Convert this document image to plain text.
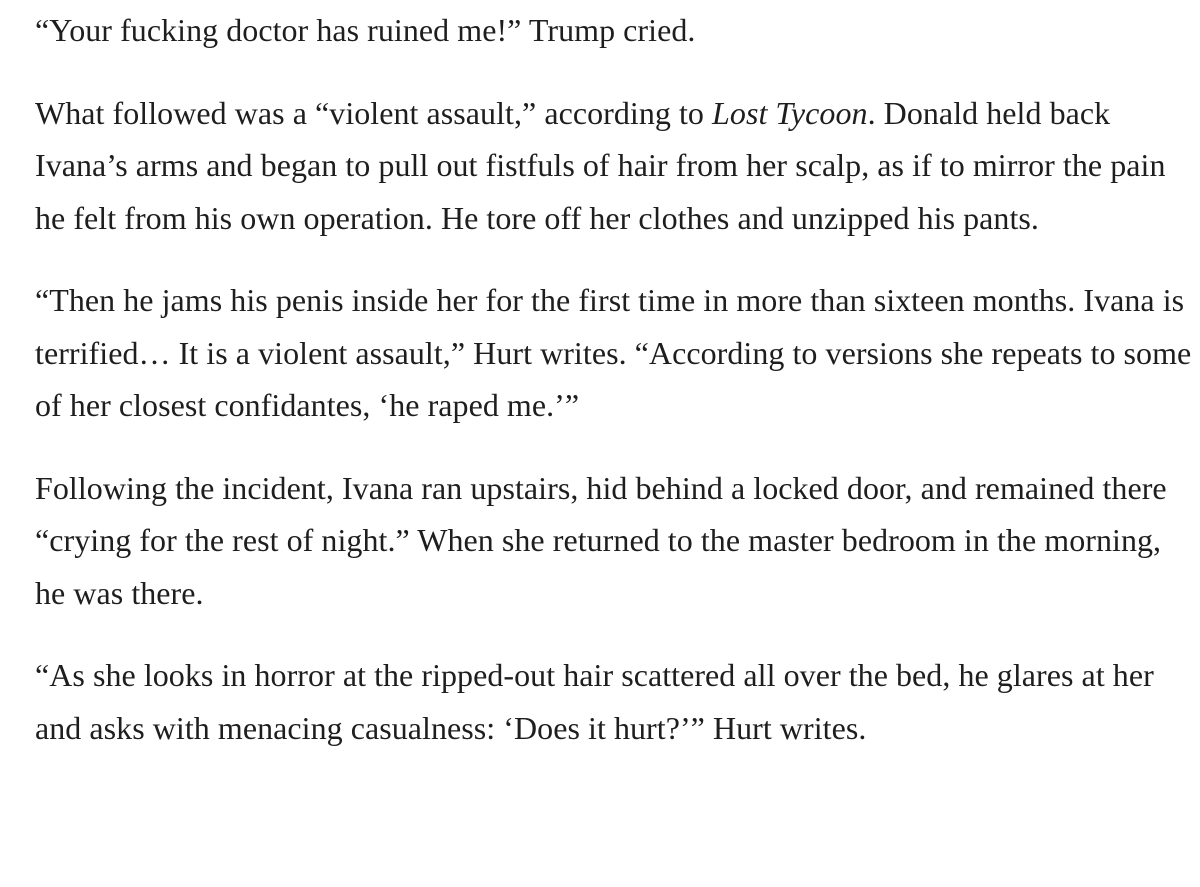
“Your fucking doctor has ruined me!” Trump cried.

What followed was a “violent assault,” according to Lost Tycoon. Donald held back Ivana’s arms and began to pull out fistfuls of hair from her scalp, as if to mirror the pain he felt from his own operation. He tore off her clothes and unzipped his pants.

“Then he jams his penis inside her for the first time in more than sixteen months. Ivana is terrified… It is a violent assault,” Hurt writes. “According to versions she repeats to some of her closest confidantes, ‘he raped me.’”

Following the incident, Ivana ran upstairs, hid behind a locked door, and remained there “crying for the rest of night.” When she returned to the master bedroom in the morning, he was there.

“As she looks in horror at the ripped-out hair scattered all over the bed, he glares at her and asks with menacing casualness: ‘Does it hurt?’” Hurt writes.
